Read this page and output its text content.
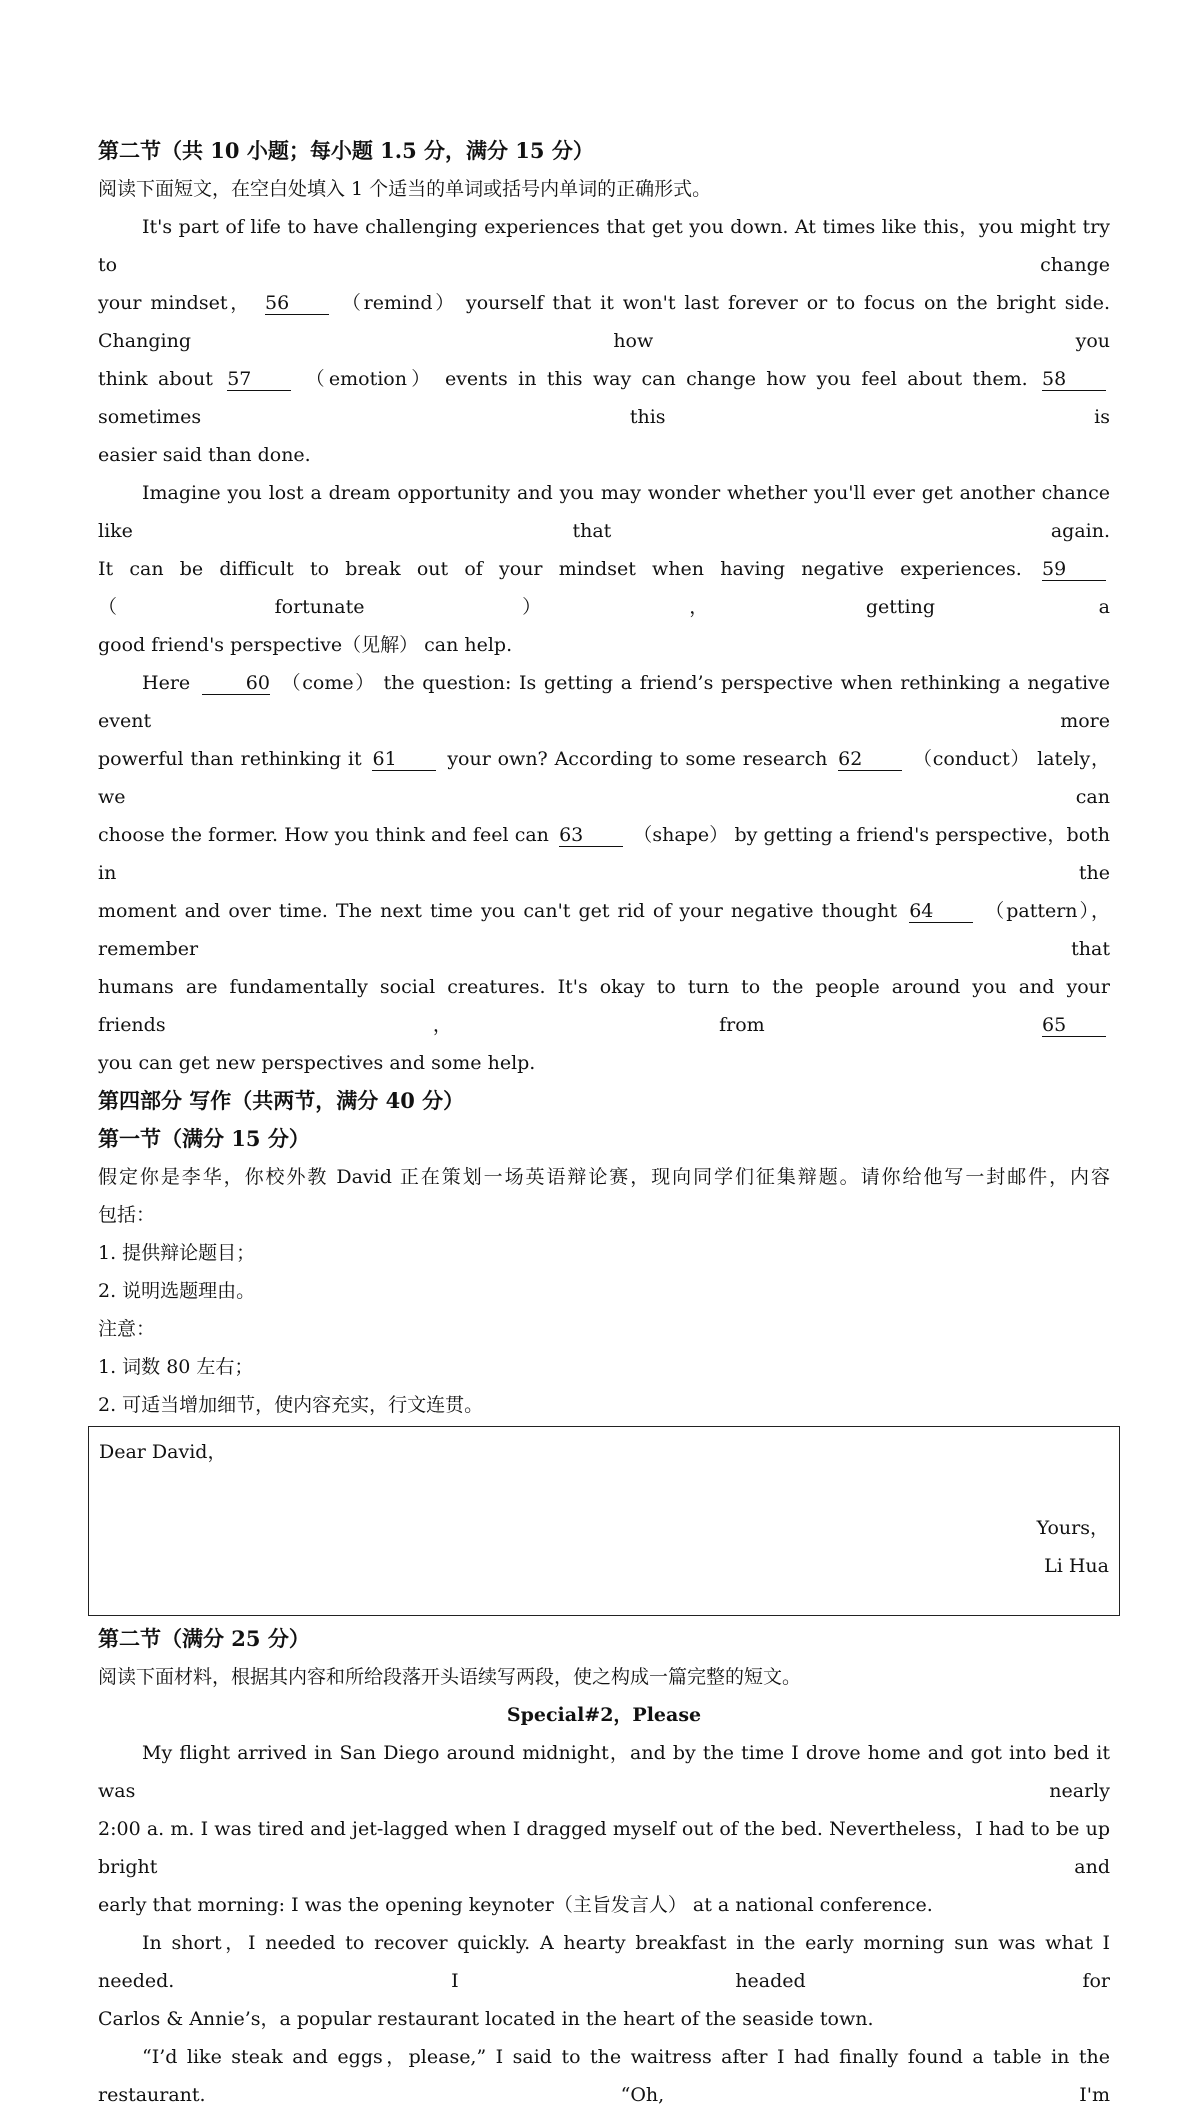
第二节（共 10 小题；每小题 1.5 分，满分 15 分）
阅读下面短文，在空白处填入 1 个适当的单词或括号内单词的正确形式。
It's part of life to have challenging experiences that get you down. At times like this，you might try to change
your mindset， 56	（remind） yourself that it won't last forever or to focus on the bright side. Changing how you
think about 57	（emotion） events in this way can change how you feel about them. 58 sometimes this is
easier said than done.
Imagine you lost a dream opportunity and you may wonder whether you'll ever get another chance like that again.
It can be difficult to break out of your mindset when having negative experiences. 59 （fortunate），getting a
good friend's perspective（见解） can help.
Here	60 （come） the question: Is getting a friend’s perspective when rethinking a negative event more
powerful than rethinking it 61	your own? According to some research 62	（conduct） lately，we can
choose the former. How you think and feel can 63	（shape） by getting a friend's perspective，both in the
moment and over time. The next time you can't get rid of your negative thought 64	（pattern），remember that
humans are fundamentally social creatures. It's okay to turn to the people around you and your friends，from	65
you can get new perspectives and some help.
第四部分 写作（共两节，满分 40 分）
第一节（满分 15 分）
假定你是李华，你校外教 David 正在策划一场英语辩论赛，现向同学们征集辩题。请你给他写一封邮件，内容
包括：
1. 提供辩论题目；
2. 说明选题理由。
注意：
1. 词数 80 左右；
2. 可适当增加细节，使内容充实，行文连贯。
Dear David，
Yours，
Li Hua
第二节（满分 25 分）
阅读下面材料，根据其内容和所给段落开头语续写两段，使之构成一篇完整的短文。
Special#2，Please
My flight arrived in San Diego around midnight，and by the time I drove home and got into bed it was nearly
2:00 a. m. I was tired and jet-lagged when I dragged myself out of the bed. Nevertheless，I had to be up bright and
early that morning: I was the opening keynoter（主旨发言人） at a national conference.
In short，I needed to recover quickly. A hearty breakfast in the early morning sun was what I needed. I headed for
Carlos & Annie’s，a popular restaurant located in the heart of the seaside town.
“I’d like steak and eggs，please,” I said to the waitress after I had finally found a table in the restaurant. “Oh, I'm
